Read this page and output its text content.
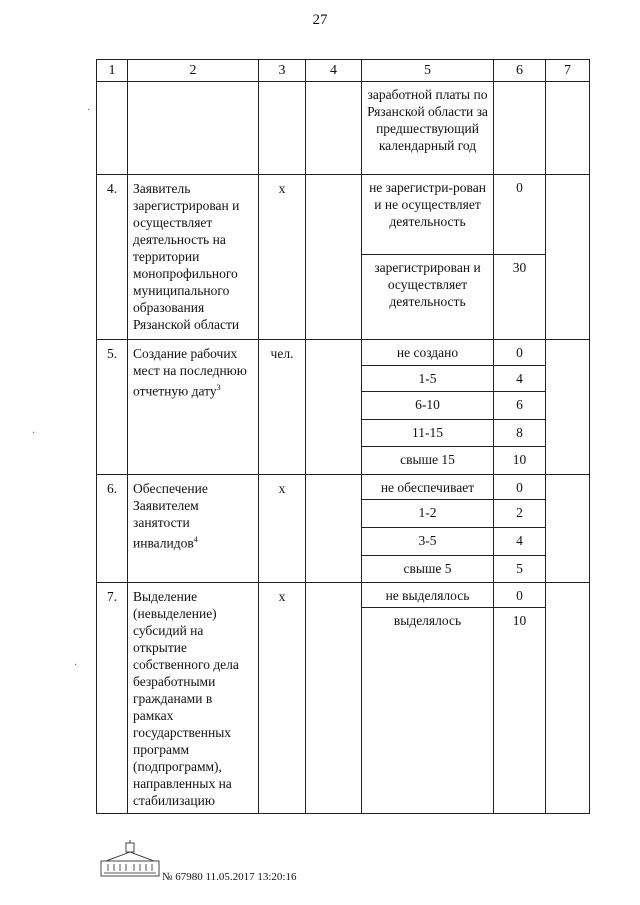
27
·
·
·
1	2	3	4	5	6	7

заработной платы по Рязанской области за предшествующий календарный год		

4.	Заявитель зарегистрирован и осуществляет деятельность на территории монопрофильного муниципального образования Рязанской области	х		не зарегистри-рован и не осуществляет деятельность	0	

зарегистрирован и осуществляет деятельность	30	

5.	Создание рабочих мест на последнюю отчетную дату$^3$	чел.		не создано	0	

1-5	4	

6-10	6	

11-15	8	

свыше 15	10	

6.	Обеспечение Заявителем занятости инвалидов$^4$	х		не обеспечивает	0	

1-2	2	

3-5	4	

свыше 5	5	

7.	Выделение (невыделение) субсидий на открытие собственного дела безработными гражданами в рамках государственных программ (подпрограмм), направленных на стабилизацию	х		не выделялось	0	

выделялось	10	
№ 67980 11.05.2017 13:20:16
